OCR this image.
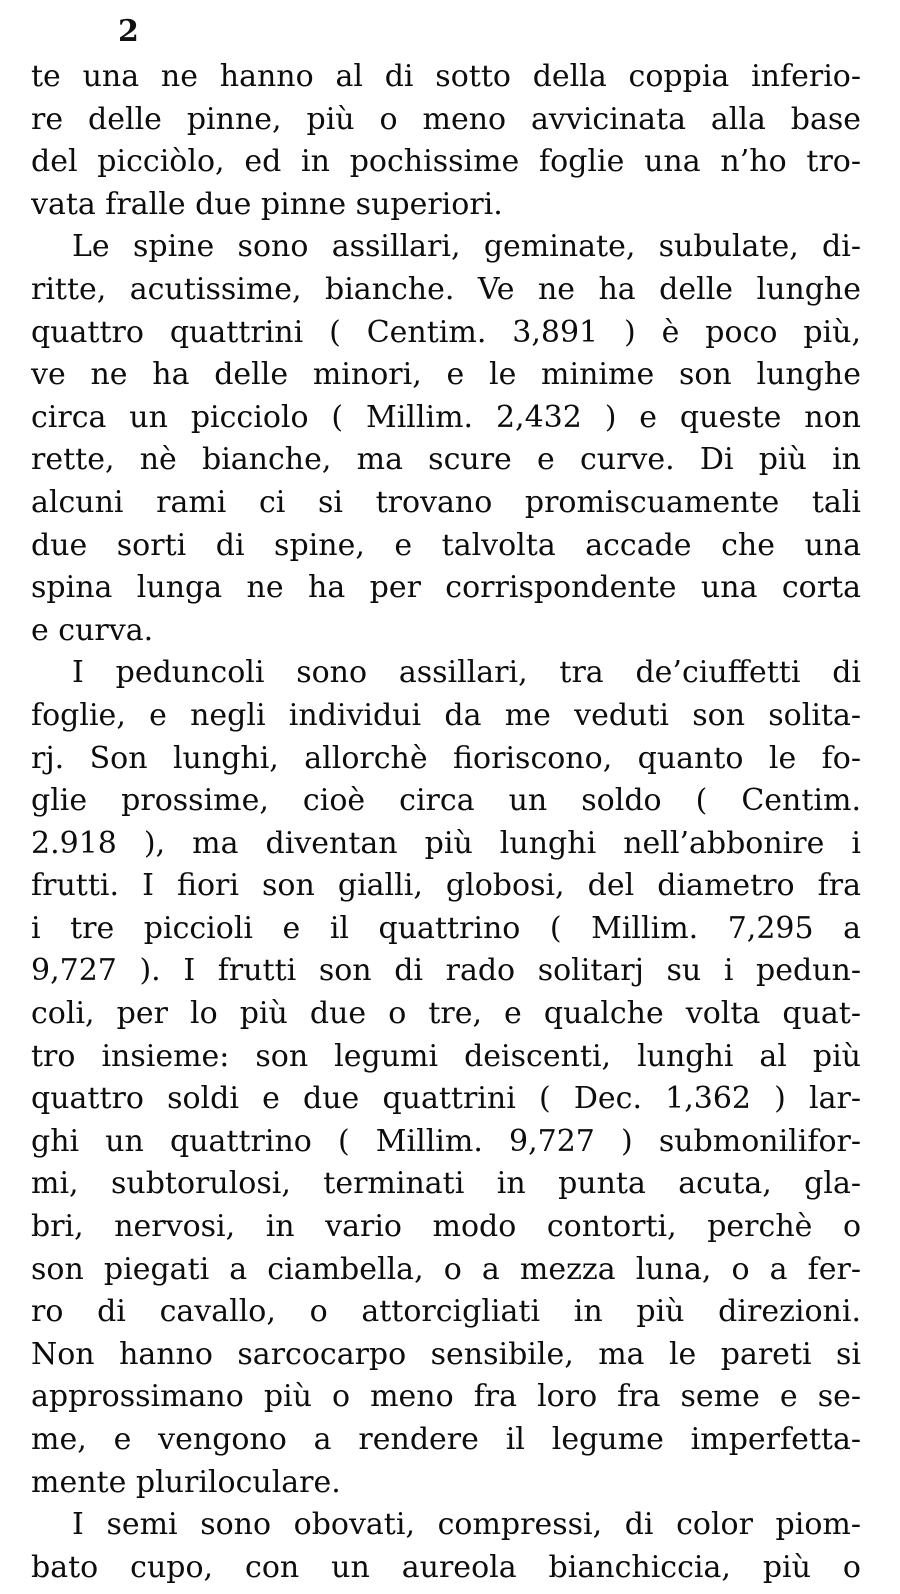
2
te una ne hanno al di sotto della coppia inferio-
re delle pinne, più o meno avvicinata alla base
del picciòlo, ed in pochissime foglie una n’ho tro-
vata fralle due pinne superiori.
Le spine sono assillari, geminate, subulate, di-
ritte, acutissime, bianche. Ve ne ha delle lunghe
quattro quattrini ( Centim. 3,891 ) è poco più,
ve ne ha delle minori, e le minime son lunghe
circa un picciolo ( Millim. 2,432 ) e queste non
rette, nè bianche, ma scure e curve. Di più in
alcuni rami ci si trovano promiscuamente tali
due sorti di spine, e talvolta accade che una
spina lunga ne ha per corrispondente una corta
e curva.
I peduncoli sono assillari, tra de’ciuffetti di
foglie, e negli individui da me veduti son solita-
rj. Son lunghi, allorchè fioriscono, quanto le fo-
glie prossime, cioè circa un soldo ( Centim.
2.918 ), ma diventan più lunghi nell’abbonire i
frutti. I fiori son gialli, globosi, del diametro fra
i tre piccioli e il quattrino ( Millim. 7,295 a
9,727 ). I frutti son di rado solitarj su i pedun-
coli, per lo più due o tre, e qualche volta quat-
tro insieme: son legumi deiscenti, lunghi al più
quattro soldi e due quattrini ( Dec. 1,362 ) lar-
ghi un quattrino ( Millim. 9,727 ) submonilifor-
mi, subtorulosi, terminati in punta acuta, gla-
bri, nervosi, in vario modo contorti, perchè o
son piegati a ciambella, o a mezza luna, o a fer-
ro di cavallo, o attorcigliati in più direzioni.
Non hanno sarcocarpo sensibile, ma le pareti si
approssimano più o meno fra loro fra seme e se-
me, e vengono a rendere il legume imperfetta-
mente pluriloculare.
I semi sono obovati, compressi, di color piom-
bato cupo, con un aureola bianchiccia, più o
